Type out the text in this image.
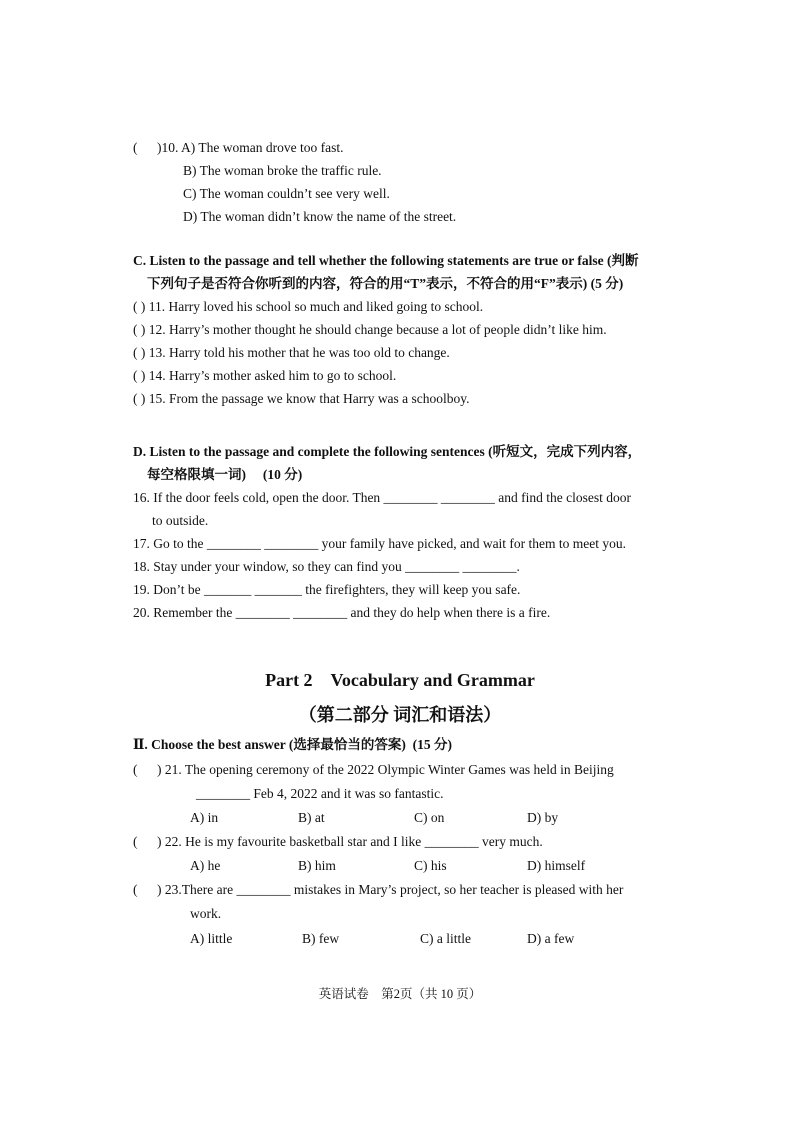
( )10. A) The woman drove too fast.
B) The woman broke the traffic rule.
C) The woman couldn’t see very well.
D) The woman didn’t know the name of the street.
C. Listen to the passage and tell whether the following statements are true or false (判断
下列句子是否符合你听到的内容，符合的用“T”表示，不符合的用“F”表示) (5 分)
( ) 11. Harry loved his school so much and liked going to school.
( ) 12. Harry’s mother thought he should change because a lot of people didn’t like him.
( ) 13. Harry told his mother that he was too old to change.
( ) 14. Harry’s mother asked him to go to school.
( ) 15. From the passage we know that Harry was a schoolboy.
D. Listen to the passage and complete the following sentences (听短文，完成下列内容，
每空格限填一词)     (10 分)
16. If the door feels cold, open the door. Then ________ ________ and find the closest door
to outside.
17. Go to the ________ ________ your family have picked, and wait for them to meet you.
18. Stay under your window, so they can find you ________ ________.
19. Don’t be _______ _______ the firefighters, they will keep you safe.
20. Remember the ________ ________ and they do help when there is a fire.
Part 2    Vocabulary and Grammar
（第二部分 词汇和语法）
Ⅱ. Choose the best answer (选择最恰当的答案)  (15 分)
( ) 21. The opening ceremony of the 2022 Olympic Winter Games was held in Beijing
________ Feb 4, 2022 and it was so fantastic.
A) in	B) at	C) on	D) by
( ) 22. He is my favourite basketball star and I like ________ very much.
A) he	B) him	C) his	D) himself
( ) 23.There are ________ mistakes in Mary’s project, so her teacher is pleased with her
work.
A) little	B) few	C) a little	D) a few
英语试卷　第2页（共 10 页）
